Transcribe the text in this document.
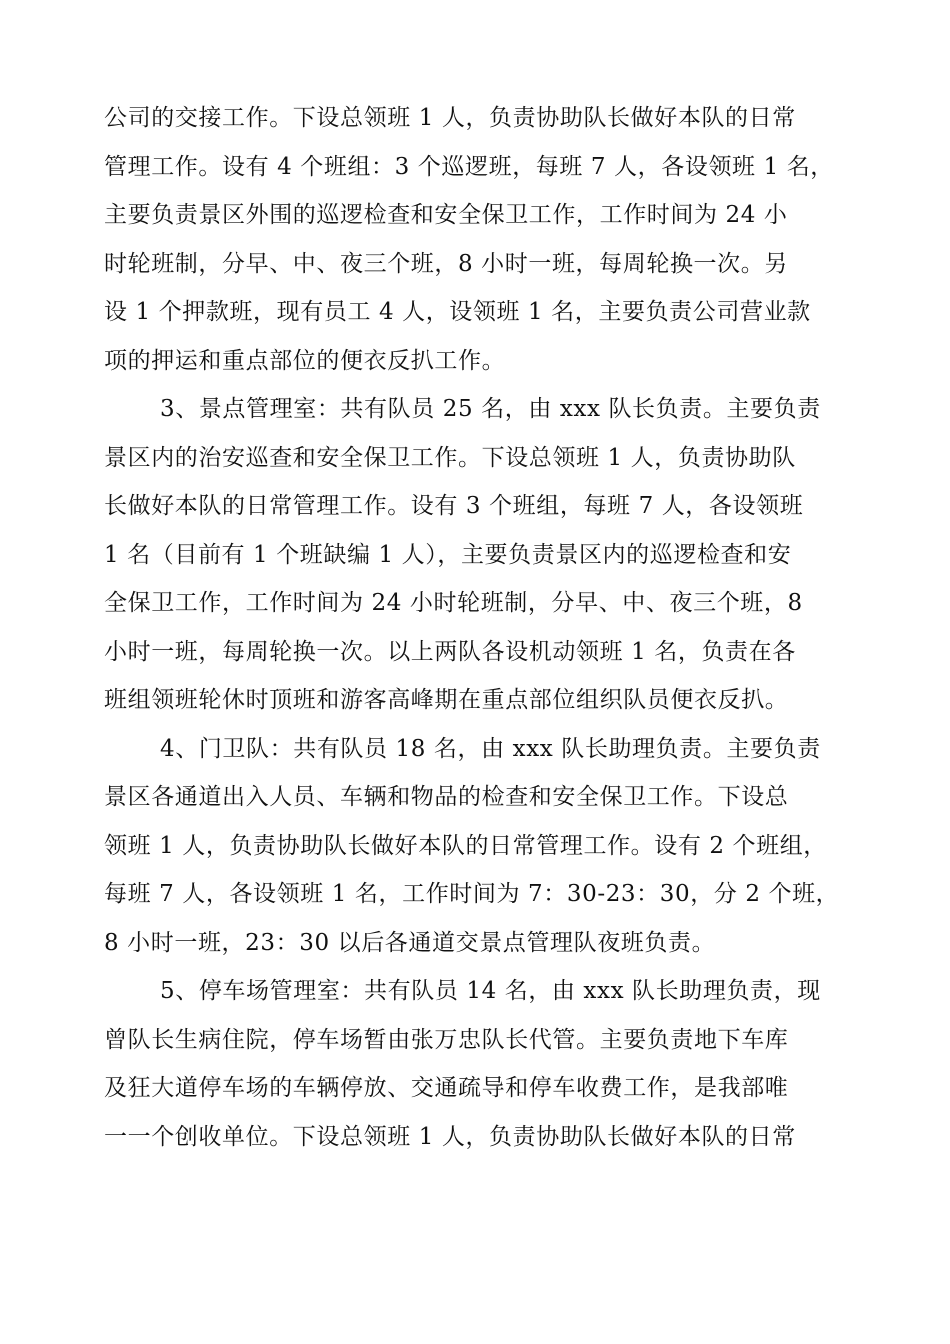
公司的交接工作。下设总领班 1 人，负责协助队长做好本队的日常
管理工作。设有 4 个班组：3 个巡逻班，每班 7 人，各设领班 1 名，
主要负责景区外围的巡逻检查和安全保卫工作，工作时间为 24 小
时轮班制，分早、中、夜三个班，8 小时一班，每周轮换一次。另
设 1 个押款班，现有员工 4 人，设领班 1 名，主要负责公司营业款
项的押运和重点部位的便衣反扒工作。
3、景点管理室：共有队员 25 名，由 xxx 队长负责。主要负责
景区内的治安巡查和安全保卫工作。下设总领班 1 人，负责协助队
长做好本队的日常管理工作。设有 3 个班组，每班 7 人，各设领班
1 名（目前有 1 个班缺编 1 人），主要负责景区内的巡逻检查和安
全保卫工作，工作时间为 24 小时轮班制，分早、中、夜三个班，8
小时一班，每周轮换一次。以上两队各设机动领班 1 名，负责在各
班组领班轮休时顶班和游客高峰期在重点部位组织队员便衣反扒。
4、门卫队：共有队员 18 名，由 xxx 队长助理负责。主要负责
景区各通道出入人员、车辆和物品的检查和安全保卫工作。下设总
领班 1 人，负责协助队长做好本队的日常管理工作。设有 2 个班组，
每班 7 人，各设领班 1 名，工作时间为 7：30-23：30，分 2 个班，
8 小时一班，23：30 以后各通道交景点管理队夜班负责。
5、停车场管理室：共有队员 14 名，由 xxx 队长助理负责，现
曾队长生病住院，停车场暂由张万忠队长代管。主要负责地下车库
及狂大道停车场的车辆停放、交通疏导和停车收费工作，是我部唯
一一个创收单位。下设总领班 1 人，负责协助队长做好本队的日常
